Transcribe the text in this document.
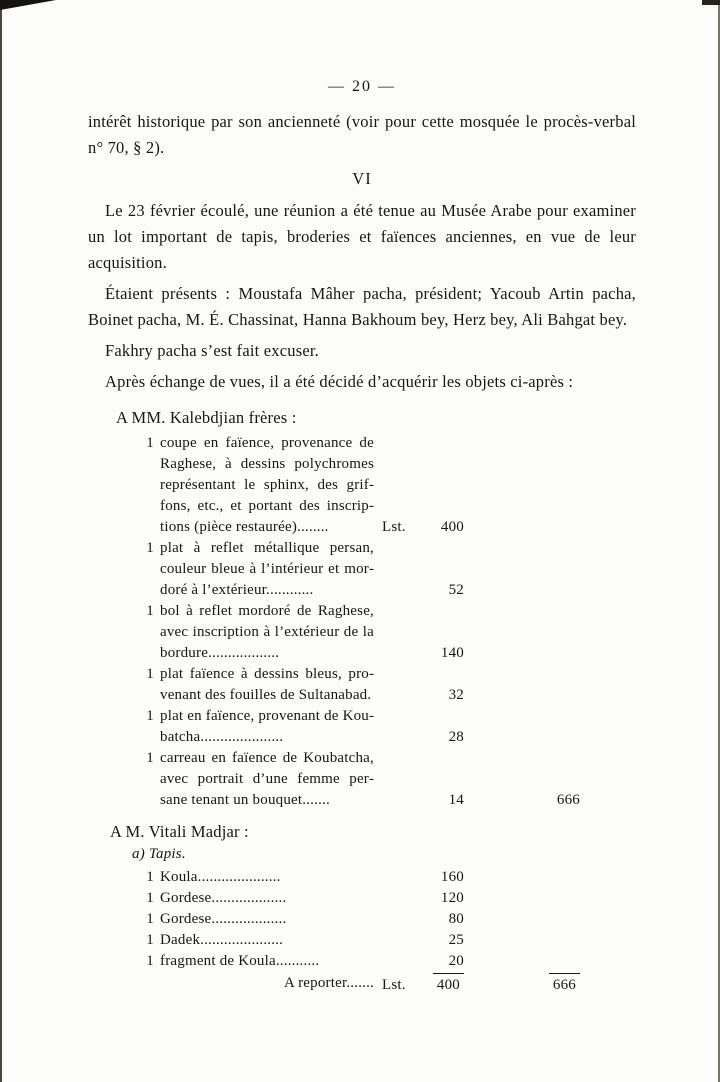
— 20 —

intérêt historique par son ancienneté (voir pour cette mosquée le procès-verbal n° 70, § 2).

VI

Le 23 février écoulé, une réunion a été tenue au Musée Arabe pour examiner un lot important de tapis, broderies et faïences anciennes, en vue de leur acquisition.

Étaient présents : Moustafa Mâher pacha, président; Yacoub Artin pacha, Boinet pacha, M. É. Chassinat, Hanna Bakhoum bey, Herz bey, Ali Bahgat bey.

Fakhry pacha s’est fait excuser.

Après échange de vues, il a été décidé d’acquérir les objets ci-après :

A MM. Kalebdjian frères :
1 coupe en faïence, provenance de Raghese, à dessins polychromes représentant le sphinx, des griffons, etc., et portant des inscriptions (pièce restaurée)........	Lst.	400
1 plat à reflet métallique persan, couleur bleue à l’intérieur et mordoré à l’extérieur............	52
1 bol à reflet mordoré de Raghese, avec inscription à l’extérieur de la bordure..................	140
1 plat faïence à dessins bleus, provenant des fouilles de Sultanabad.	32
1 plat en faïence, provenant de Koubatcha.....................	28
1 carreau en faïence de Koubatcha, avec portrait d’une femme persane tenant un bouquet.......	14	666
A M. Vitali Madjar :
a) Tapis.
1 Koula.....................	160
1 Gordese...................	120
1 Gordese...................	80
1 Dadek.....................	25
1 fragment de Koula...........	20
A reporter....... Lst.	400	666
